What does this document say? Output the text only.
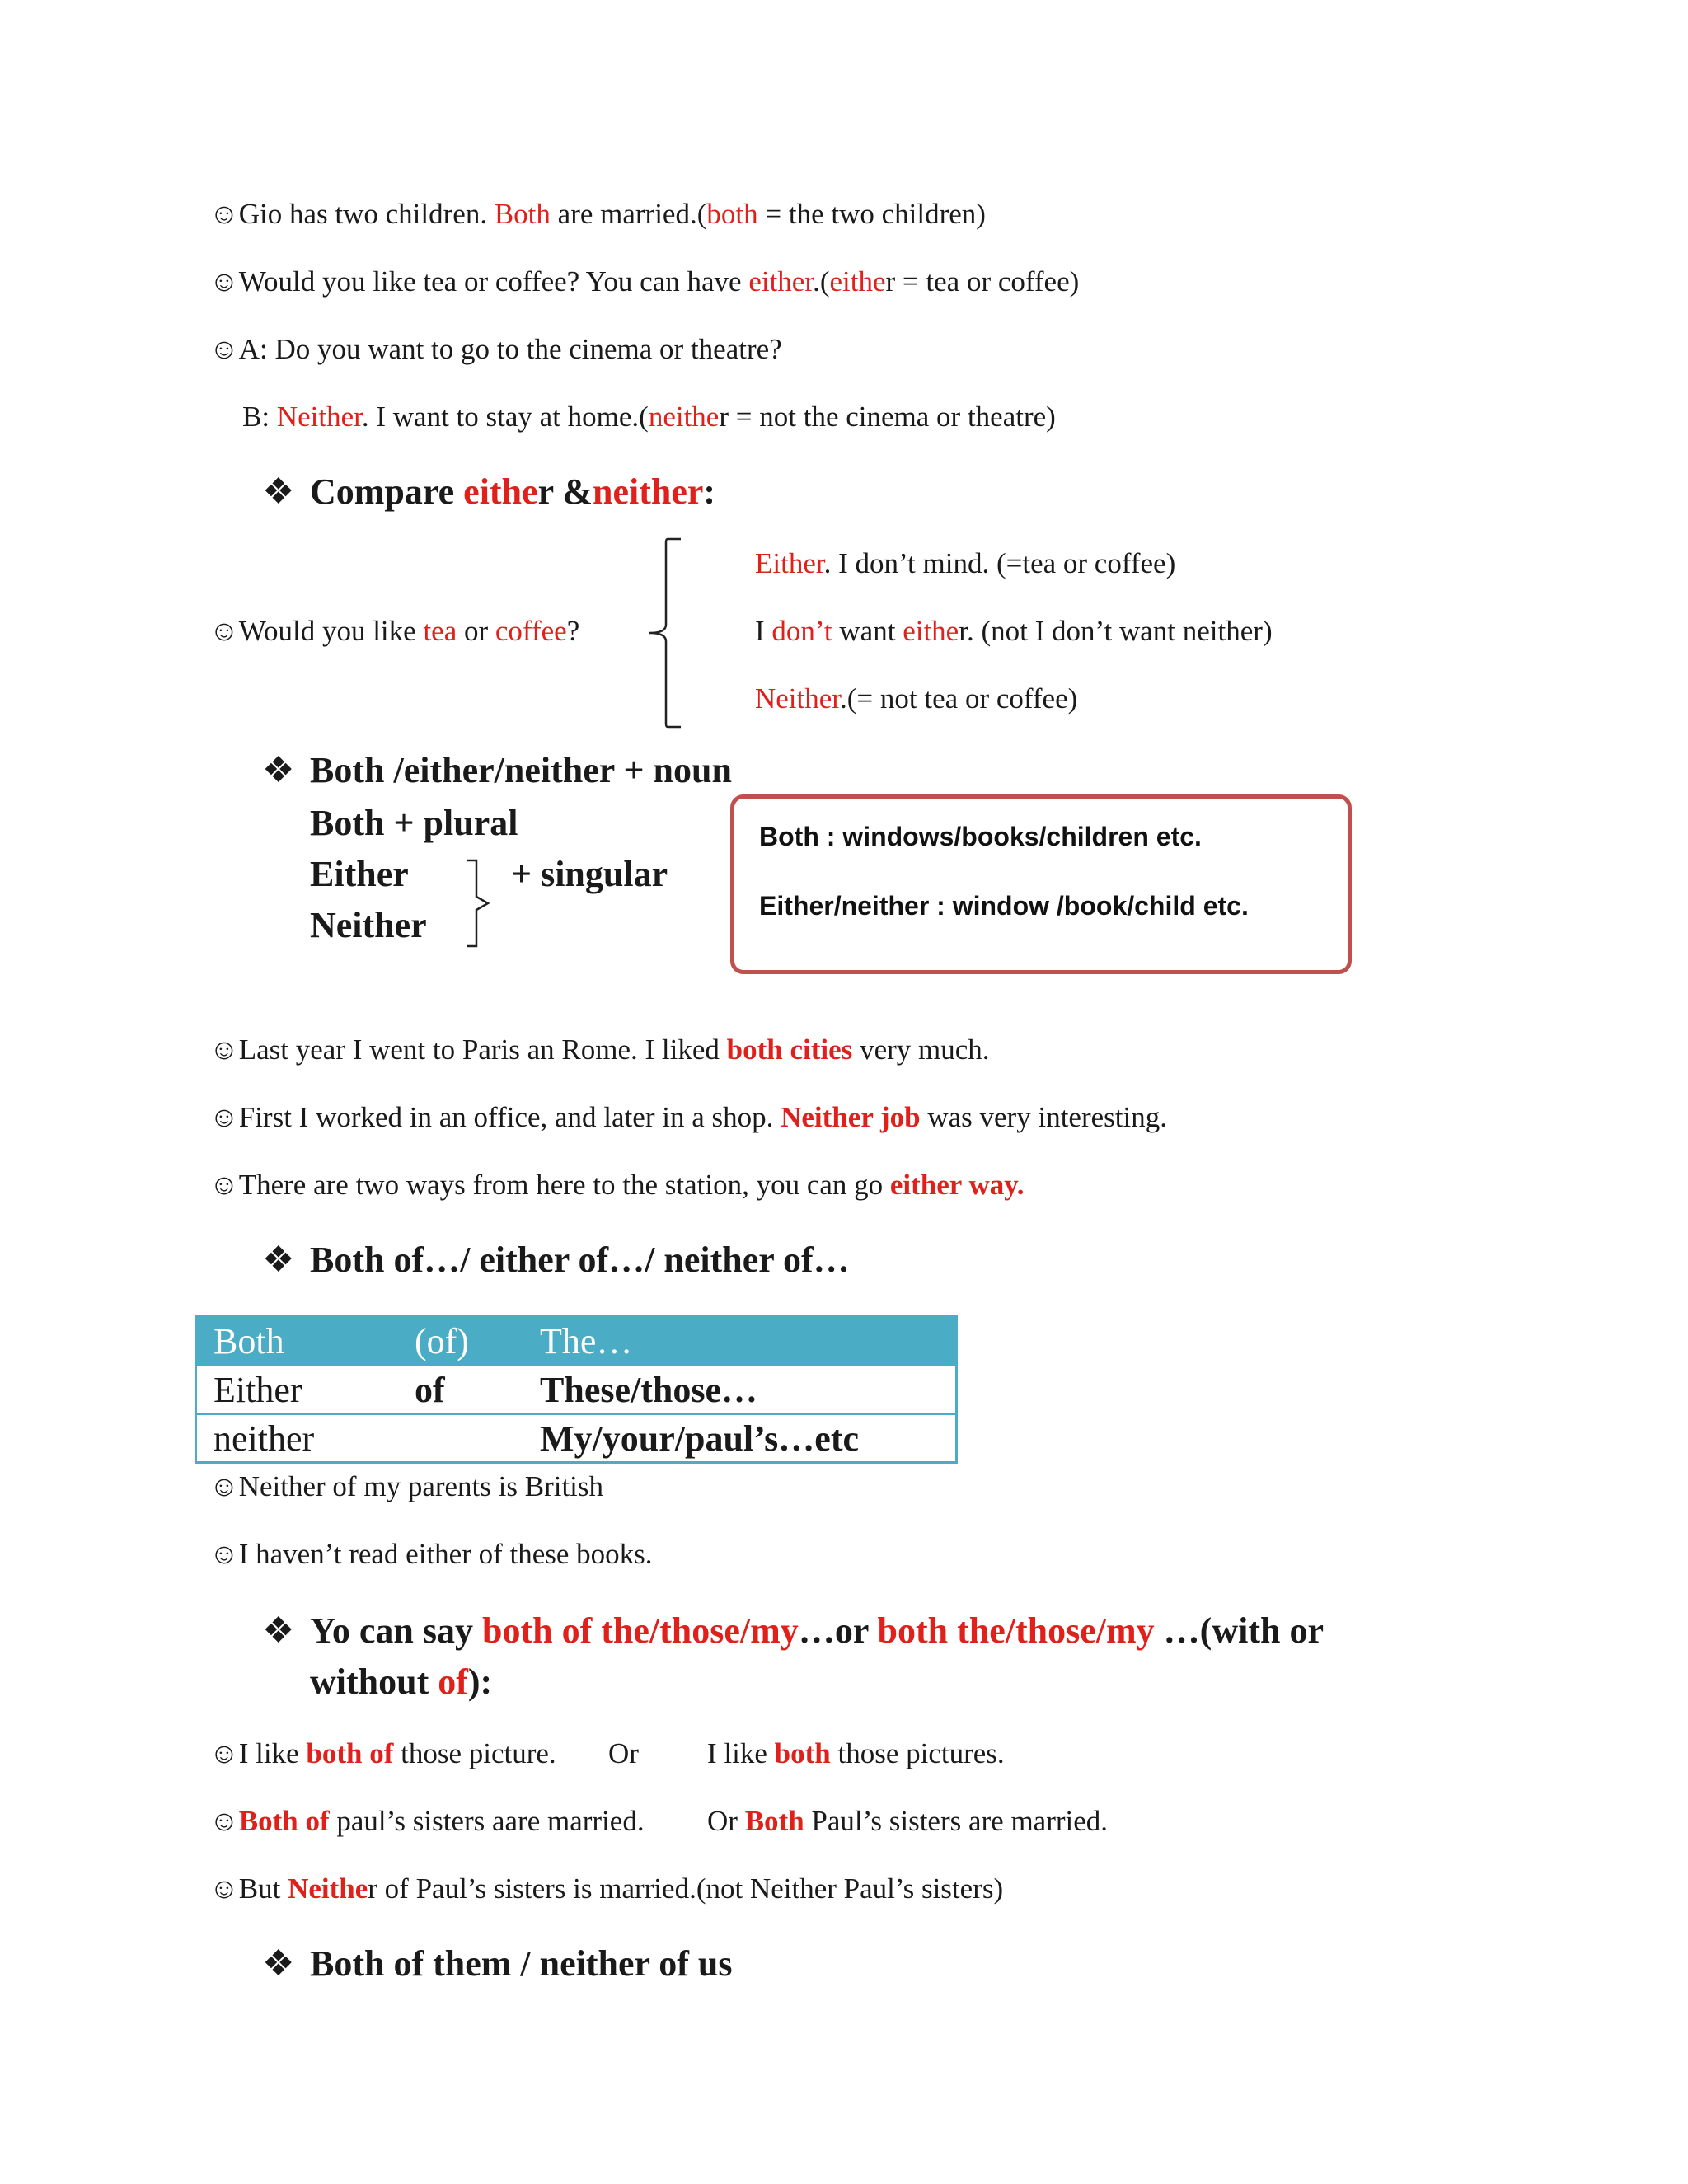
☺Gio has two children. Both are married.(both = the two children)
☺Would you like tea or coffee? You can have either.(either = tea or coffee)
☺A: Do you want to go to the cinema or theatre?
B: Neither. I want to stay at home.(neither = not the cinema or theatre)
❖ Compare either &neither:
☺Would you like tea or coffee?
Either. I don’t mind. (=tea or coffee)
I don’t want either. (not I don’t want neither)
Neither.(= not tea or coffee)
❖ Both /either/neither + noun
Both + plural
Either
Neither
+ singular
Both : windows/books/children etc.
Either/neither : window /book/child etc.
☺Last year I went to Paris an Rome. I liked both cities very much.
☺First I worked in an office, and later in a shop. Neither job was very interesting.
☺There are two ways from here to the station, you can go either way.
❖ Both of…/ either of…/ neither of…
Both	(of)	The…
Either	of	These/those…
neither		My/your/paul’s…etc
☺Neither of my parents is British
☺I haven’t read either of these books.
❖ Yo can say both of the/those/my…or both the/those/my …(with or
without of):
☺I like both of those picture. Or I like both those pictures.
☺Both of paul’s sisters aare married. Or Both Paul’s sisters are married.
☺But Neither of Paul’s sisters is married.(not Neither Paul’s sisters)
❖ Both of them / neither of us
